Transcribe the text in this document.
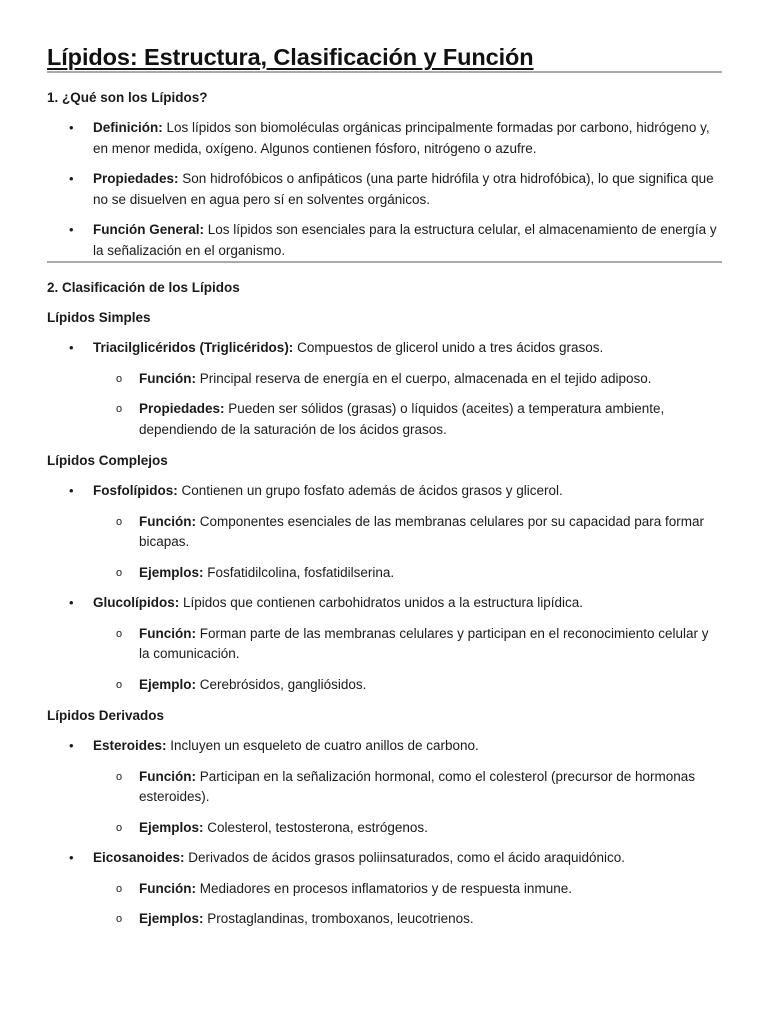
Lípidos: Estructura, Clasificación y Función
1. ¿Qué son los Lípidos?
• Definición: Los lípidos son biomoléculas orgánicas principalmente formadas por carbono, hidrógeno y, en menor medida, oxígeno. Algunos contienen fósforo, nitrógeno o azufre.
• Propiedades: Son hidrofóbicos o anfipáticos (una parte hidrófila y otra hidrofóbica), lo que significa que no se disuelven en agua pero sí en solventes orgánicos.
• Función General: Los lípidos son esenciales para la estructura celular, el almacenamiento de energía y la señalización en el organismo.
2. Clasificación de los Lípidos
Lípidos Simples
• Triacilglicéridos (Triglicéridos): Compuestos de glicerol unido a tres ácidos grasos.
o Función: Principal reserva de energía en el cuerpo, almacenada en el tejido adiposo.
o Propiedades: Pueden ser sólidos (grasas) o líquidos (aceites) a temperatura ambiente, dependiendo de la saturación de los ácidos grasos.
Lípidos Complejos
• Fosfolípidos: Contienen un grupo fosfato además de ácidos grasos y glicerol.
o Función: Componentes esenciales de las membranas celulares por su capacidad para formar bicapas.
o Ejemplos: Fosfatidilcolina, fosfatidilserina.
• Glucolípidos: Lípidos que contienen carbohidratos unidos a la estructura lipídica.
o Función: Forman parte de las membranas celulares y participan en el reconocimiento celular y la comunicación.
o Ejemplo: Cerebrósidos, gangliósidos.
Lípidos Derivados
• Esteroides: Incluyen un esqueleto de cuatro anillos de carbono.
o Función: Participan en la señalización hormonal, como el colesterol (precursor de hormonas esteroides).
o Ejemplos: Colesterol, testosterona, estrógenos.
• Eicosanoides: Derivados de ácidos grasos poliinsaturados, como el ácido araquidónico.
o Función: Mediadores en procesos inflamatorios y de respuesta inmune.
o Ejemplos: Prostaglandinas, tromboxanos, leucotrienos.
